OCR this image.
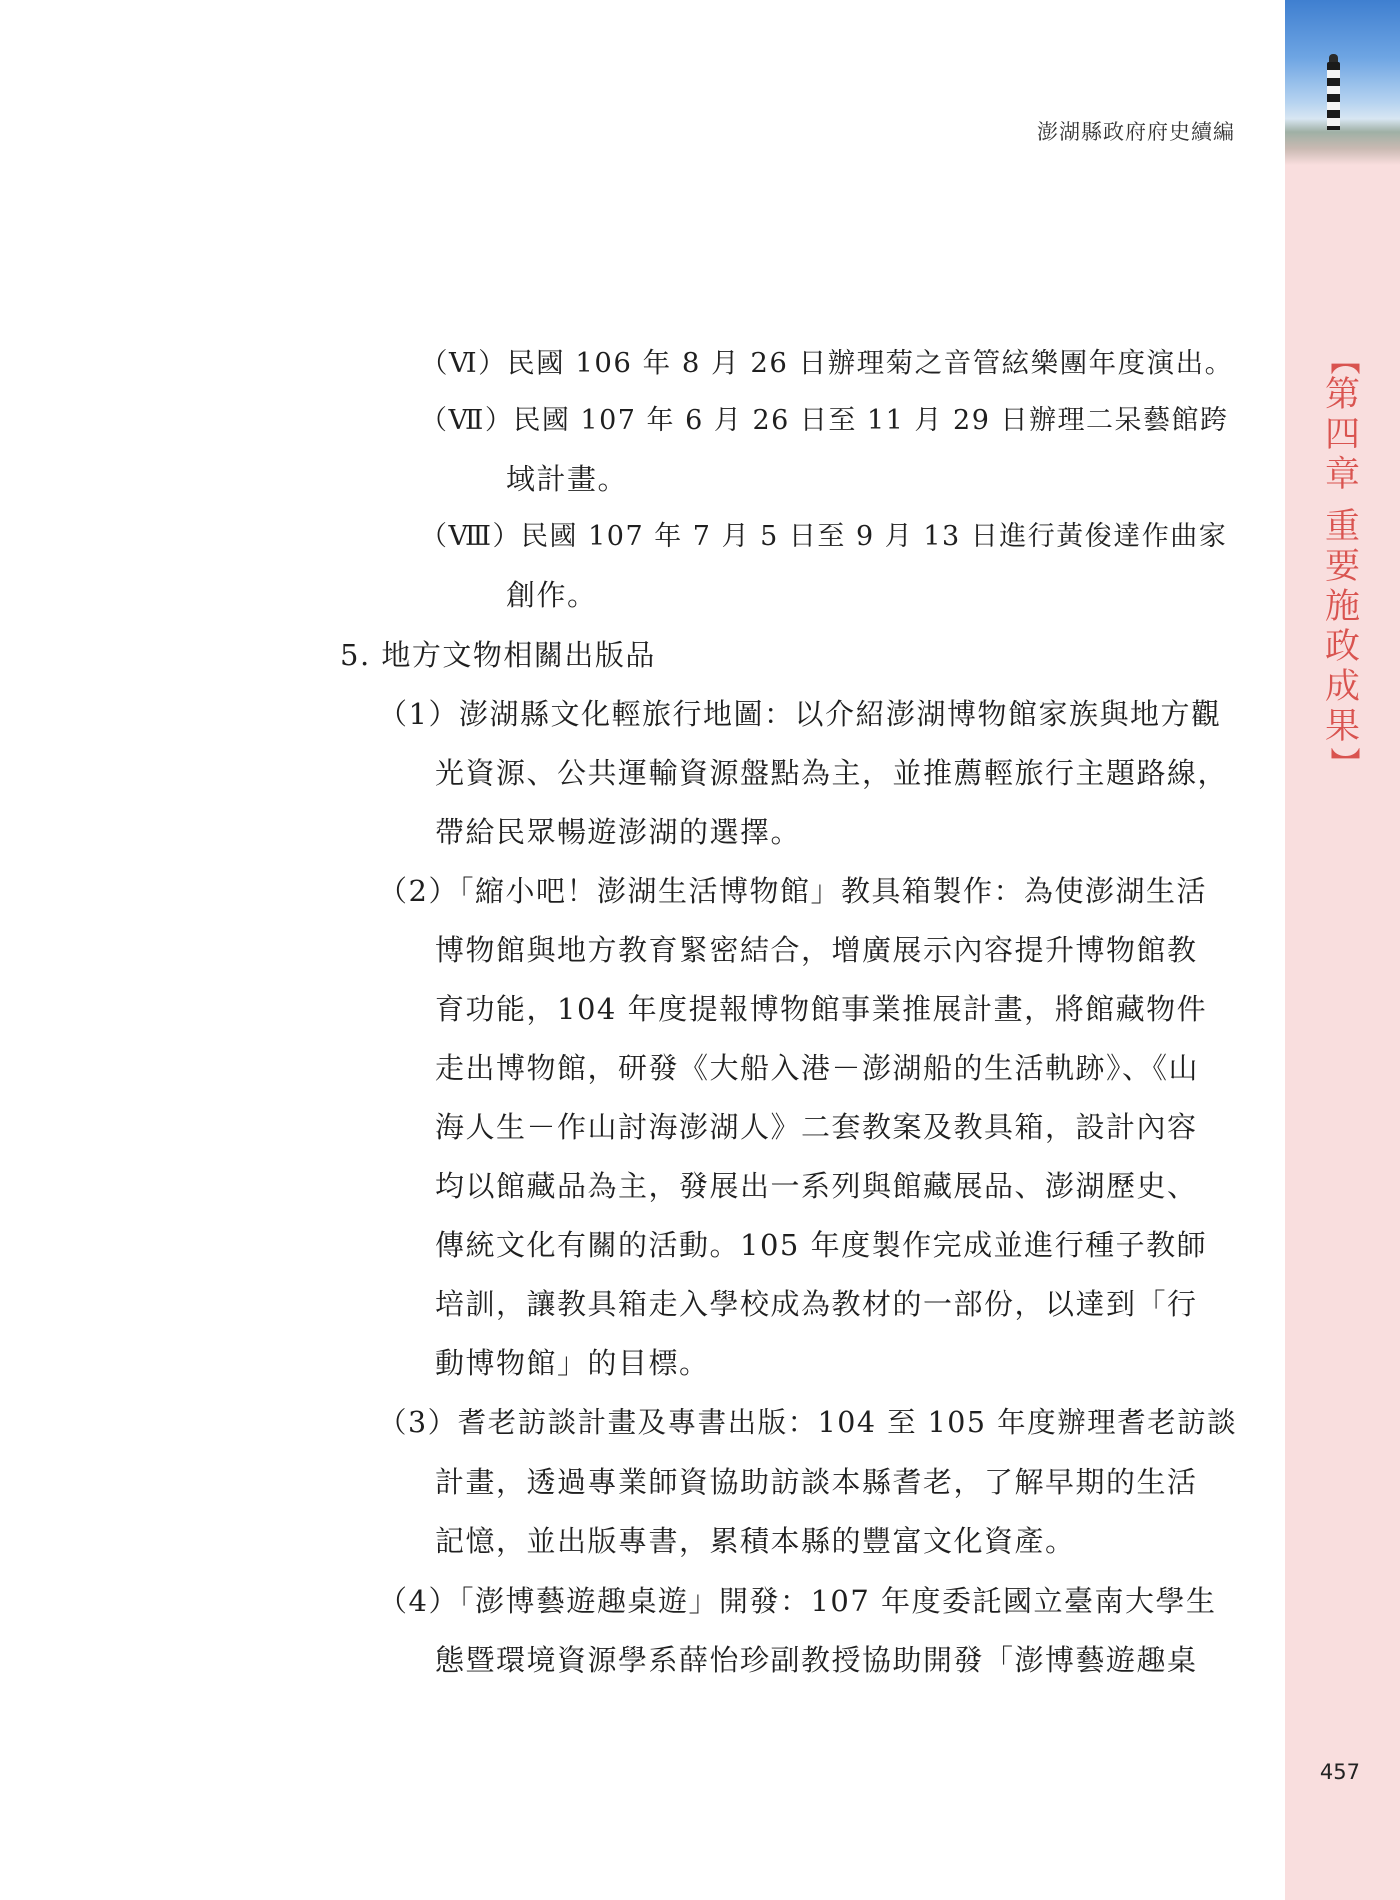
【
第
四
章
重
要
施
政
成
果
】
457
澎湖縣政府府史續編
（Ⅵ）民國 106 年 8 月 26 日辦理菊之音管絃樂團年度演出。
（Ⅶ）民國 107 年 6 月 26 日至 11 月 29 日辦理二呆藝館跨
域計畫。
（Ⅷ）民國 107 年 7 月 5 日至 9 月 13 日進行黃俊達作曲家
創作。
5. 地方文物相關出版品
（1）澎湖縣文化輕旅行地圖：以介紹澎湖博物館家族與地方觀
光資源、公共運輸資源盤點為主，並推薦輕旅行主題路線，
帶給民眾暢遊澎湖的選擇。
（2）「縮小吧！澎湖生活博物館」教具箱製作：為使澎湖生活
博物館與地方教育緊密結合，增廣展示內容提升博物館教
育功能，104 年度提報博物館事業推展計畫，將館藏物件
走出博物館，研發《大船入港－澎湖船的生活軌跡》、《山
海人生－作山討海澎湖人》二套教案及教具箱，設計內容
均以館藏品為主，發展出一系列與館藏展品、澎湖歷史、
傳統文化有關的活動。105 年度製作完成並進行種子教師
培訓，讓教具箱走入學校成為教材的一部份，以達到「行
動博物館」的目標。
（3）耆老訪談計畫及專書出版：104 至 105 年度辦理耆老訪談
計畫，透過專業師資協助訪談本縣耆老，了解早期的生活
記憶，並出版專書，累積本縣的豐富文化資產。
（4）「澎博藝遊趣桌遊」開發：107 年度委託國立臺南大學生
態暨環境資源學系薛怡珍副教授協助開發「澎博藝遊趣桌
